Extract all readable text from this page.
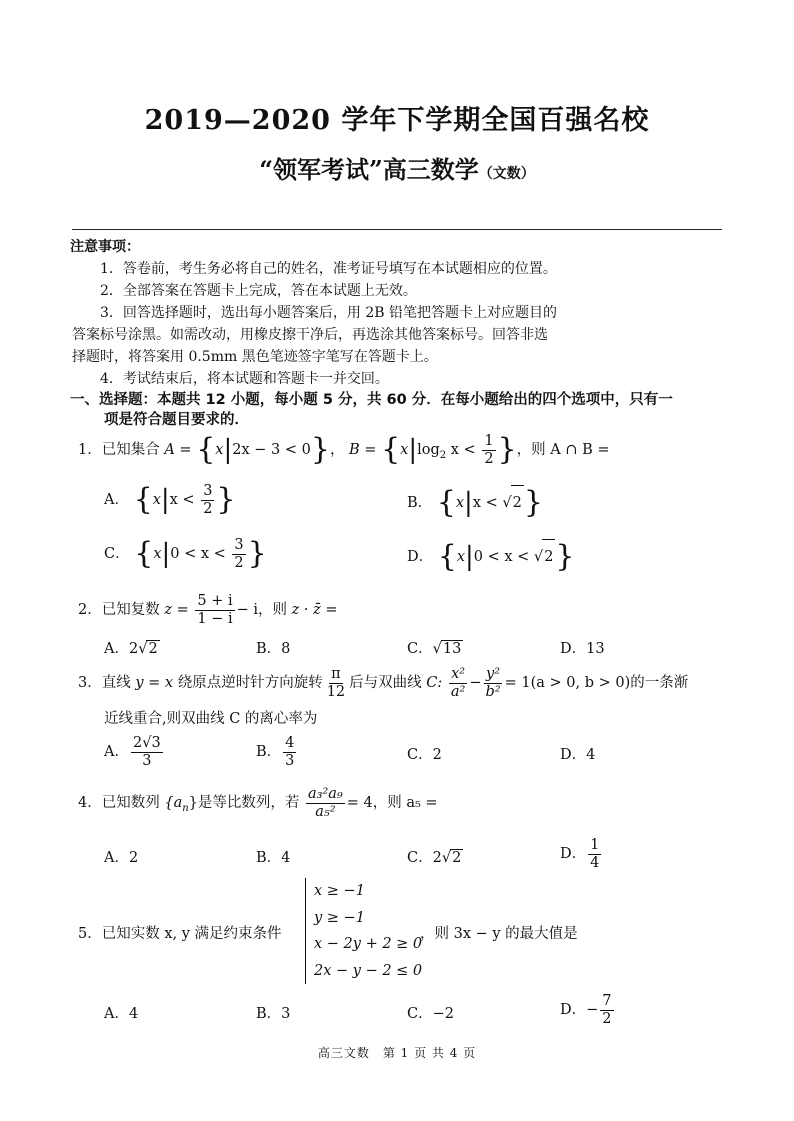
2019—2020 学年下学期全国百强名校
“领军考试”高三数学（文数）
注意事项：
1．答卷前，考生务必将自己的姓名，准考证号填写在本试题相应的位置。
2．全部答案在答题卡上完成，答在本试题上无效。
3．回答选择题时，选出每小题答案后，用 2B 铅笔把答题卡上对应题目的
答案标号涂黑。如需改动，用橡皮擦干净后，再选涂其他答案标号。回答非选
择题时，将答案用 0.5mm 黑色笔迹签字笔写在答题卡上。
4．考试结束后，将本试题和答题卡一并交回。
一、选择题：本题共 12 小题，每小题 5 分，共 60 分．在每小题给出的四个选项中，只有一
项是符合题目要求的．
1．已知集合 A = {x|2x − 3 < 0}， $B = \{x|\log_2$ $x < \frac{1}{2}$ }，则 A ∩ B =
A． {$x|x < \frac{3}{2}$ }	B． {x|x < √2}
C． {$x|0 < x < \frac{3}{2}$ }	D． {x|0 < x < √2}
2．已知复数 $z = \frac{5 + i}{1 - i} - i$，则 z · z̄ =
A．2√2	B．8	C．√13	D．13
3．直线 y = x 绕原点逆时针方向旋转 $\frac{\pi}{12}$ 后与双曲线 C: $\frac{\text{x²}}{\text{a²}} - \frac{\text{y²}}{\text{b²}} = 1(a > 0$, b > 0)的一条渐
近线重合,则双曲线 C 的离心率为
A． $\frac{2√3}{3}$	B． $\frac{4}{3}$	C．2	D．4
4．已知数列 $\{a_n\}$是等比数列，若 $\frac{\text{a₃²a₉}}{\text{a₅²}} = 4$，则 a₅ =
A．2	B．4	C．2√2	D． $\frac{1}{4}$
5．已知实数 x, y 满足约束条件
x ≥ −1
y ≥ −1
x − 2y + 2 ≥ 0
2x − y − 2 ≤ 0
，则 3x − y 的最大值是
A．4	B．3	C．−2	D．− $\frac{7}{2}$
高三文数　第 1 页 共 4 页
